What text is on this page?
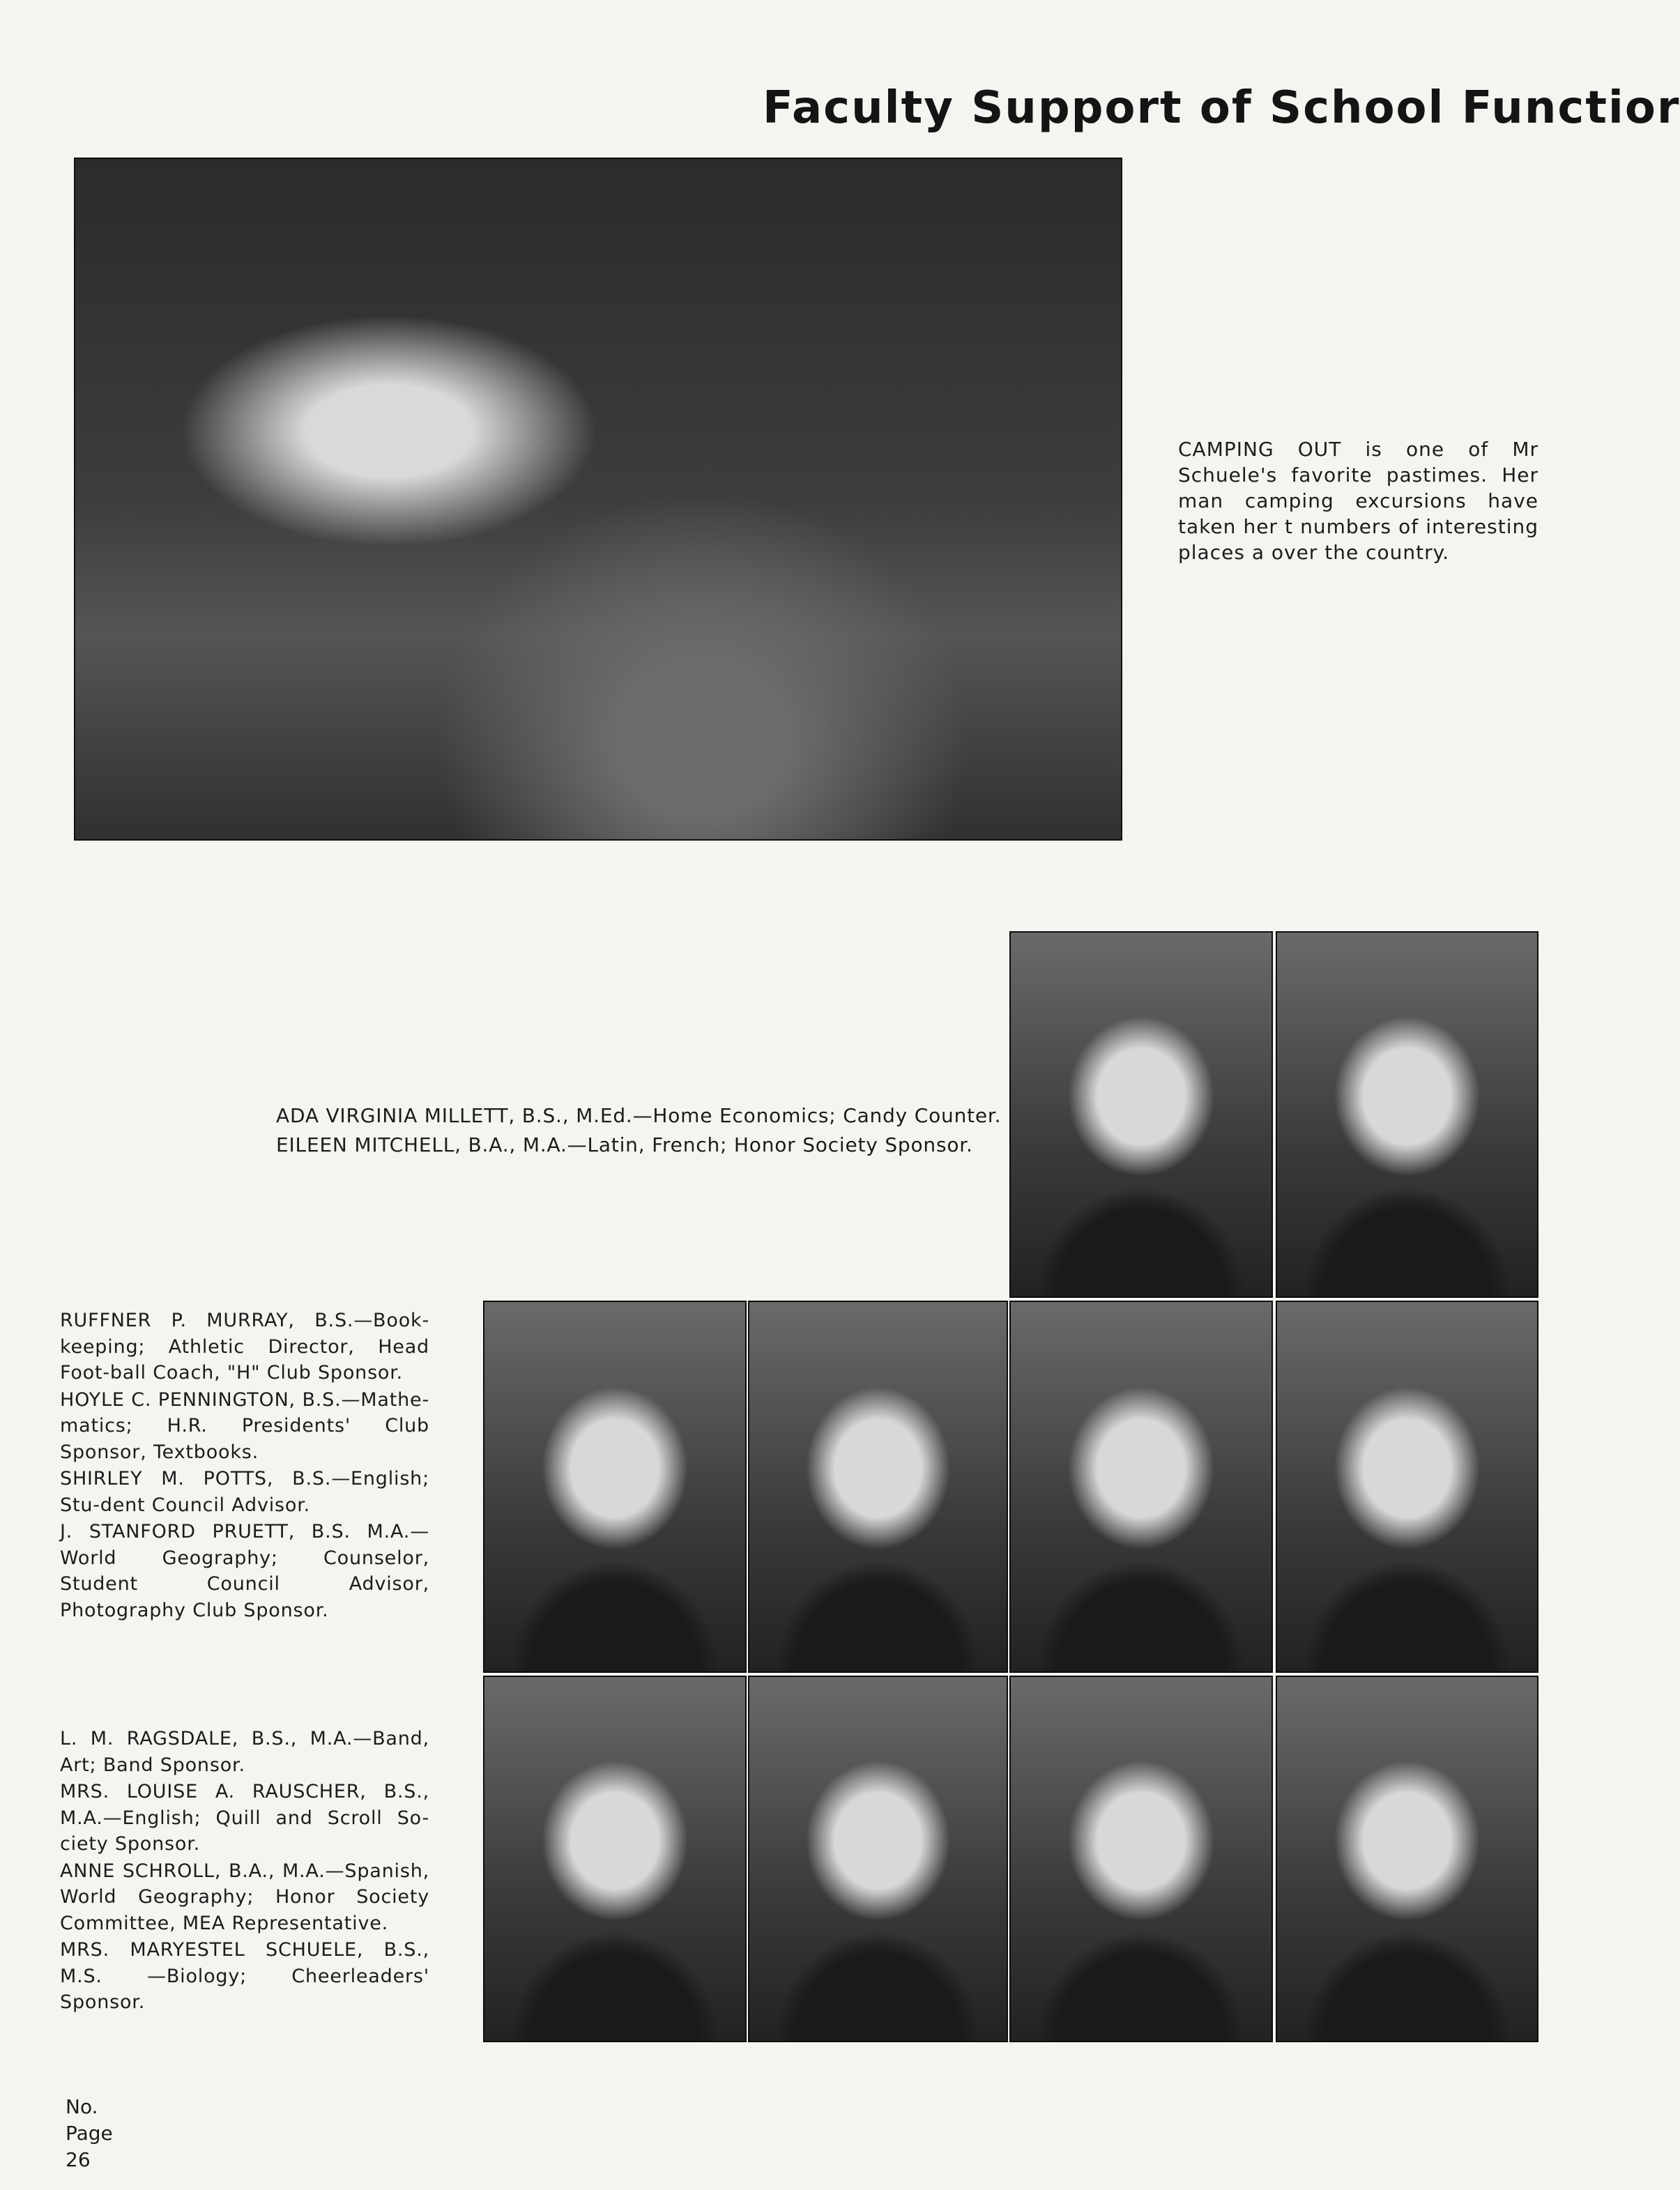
Faculty Support of School Functior

CAMPING OUT is one of Mr Schuele's favorite pastimes. Her man camping excursions have taken her t numbers of interesting places a over the country.

ADA VIRGINIA MILLETT, B.S., M.Ed.—Home Economics; Candy Counter.
EILEEN MITCHELL, B.A., M.A.—Latin, French; Honor Society Sponsor.

RUFFNER P. MURRAY, B.S.—Book-keeping; Athletic Director, Head Foot-ball Coach, "H" Club Sponsor.

HOYLE C. PENNINGTON, B.S.—Mathe-matics; H.R. Presidents' Club Sponsor, Textbooks.

SHIRLEY M. POTTS, B.S.—English; Stu-dent Council Advisor.

J. STANFORD PRUETT, B.S. M.A.—World Geography; Counselor, Student Council Advisor, Photography Club Sponsor.

L. M. RAGSDALE, B.S., M.A.—Band, Art; Band Sponsor.

MRS. LOUISE A. RAUSCHER, B.S., M.A.—English; Quill and Scroll So-ciety Sponsor.

ANNE SCHROLL, B.A., M.A.—Spanish, World Geography; Honor Society Committee, MEA Representative.

MRS. MARYESTEL SCHUELE, B.S., M.S. —Biology; Cheerleaders' Sponsor.

No.
Page
26
